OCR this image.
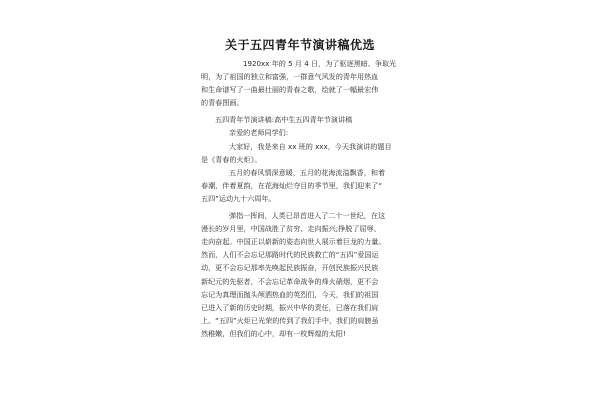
关于五四青年节演讲稿优选
1920xx 年的 5 月 4 日，为了驱逐黑暗、争取光
明，为了祖国的独立和富强，一群意气风发的青年用热血
和生命谱写了一曲最壮丽的青春之歌，绘就了一幅最宏伟
的青春图画。
五四青年节演讲稿:高中生五四青年节演讲稿
亲爱的老师同学们:
大家好，我是来自 xx 班的 xxx，今天我演讲的题目
是《青春的火炬》。
五月的春风情深意暖，五月的花海流溢飘香，和着
春潮，伴着夏韵，在花海灿烂夺目的季节里，我们迎来了“
五四”运动九十六周年。
弹指一挥间，人类已昂首进入了二十一世纪，在这
漫长的岁月里，中国战胜了贫穷、走向振兴;挣脱了屈辱、
走向奋起。中国正以崭新的姿态向世人展示着巨龙的力量。
然而，人们不会忘记那路时代的民族救亡的“五四”爱国运
动，更不会忘记那率先唤起民族振奋，开创民族振兴民族
新纪元的先驱者，不会忘记革命战争的烽火硝烟，更不会
忘记为真理而抛头颅洒热血的英烈们，今天，我们的祖国
已进入了新的历史时期，振兴中华的责任，已落在我们肩
上。“五四”火炬已光荣的传到了我们手中，我们的肩膀虽
然稚嫩，但我们的心中，却有一枚辉煌的太阳!
